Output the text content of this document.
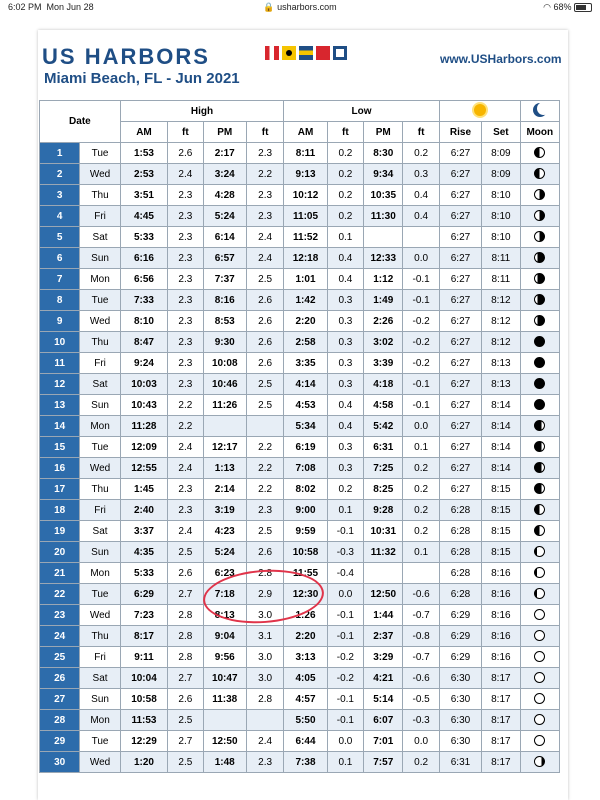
6:02 PM Mon Jun 28	🔒 usharbors.com	◠ 68%
US HARBORS	www.USHarbors.com
Miami Beach, FL - Jun 2021
Date		High				Low						
		AM	ft	PM	ft	AM	ft	PM	ft	Rise	Set	Moon
1	Tue	1:53	2.6	2:17	2.3	8:11	0.2	8:30	0.2	6:27	8:09	
2	Wed	2:53	2.4	3:24	2.2	9:13	0.2	9:34	0.3	6:27	8:09	
3	Thu	3:51	2.3	4:28	2.3	10:12	0.2	10:35	0.4	6:27	8:10	
4	Fri	4:45	2.3	5:24	2.3	11:05	0.2	11:30	0.4	6:27	8:10	
5	Sat	5:33	2.3	6:14	2.4	11:52	0.1			6:27	8:10	
6	Sun	6:16	2.3	6:57	2.4	12:18	0.4	12:33	0.0	6:27	8:11	
7	Mon	6:56	2.3	7:37	2.5	1:01	0.4	1:12	-0.1	6:27	8:11	
8	Tue	7:33	2.3	8:16	2.6	1:42	0.3	1:49	-0.1	6:27	8:12	
9	Wed	8:10	2.3	8:53	2.6	2:20	0.3	2:26	-0.2	6:27	8:12	
10	Thu	8:47	2.3	9:30	2.6	2:58	0.3	3:02	-0.2	6:27	8:12	
11	Fri	9:24	2.3	10:08	2.6	3:35	0.3	3:39	-0.2	6:27	8:13	
12	Sat	10:03	2.3	10:46	2.5	4:14	0.3	4:18	-0.1	6:27	8:13	
13	Sun	10:43	2.2	11:26	2.5	4:53	0.4	4:58	-0.1	6:27	8:14	
14	Mon	11:28	2.2			5:34	0.4	5:42	0.0	6:27	8:14	
15	Tue	12:09	2.4	12:17	2.2	6:19	0.3	6:31	0.1	6:27	8:14	
16	Wed	12:55	2.4	1:13	2.2	7:08	0.3	7:25	0.2	6:27	8:14	
17	Thu	1:45	2.3	2:14	2.2	8:02	0.2	8:25	0.2	6:27	8:15	
18	Fri	2:40	2.3	3:19	2.3	9:00	0.1	9:28	0.2	6:28	8:15	
19	Sat	3:37	2.4	4:23	2.5	9:59	-0.1	10:31	0.2	6:28	8:15	
20	Sun	4:35	2.5	5:24	2.6	10:58	-0.3	11:32	0.1	6:28	8:15	
21	Mon	5:33	2.6	6:23	2.8	11:55	-0.4			6:28	8:16	
22	Tue	6:29	2.7	7:18	2.9	12:30	0.0	12:50	-0.6	6:28	8:16	
23	Wed	7:23	2.8	8:13	3.0	1:26	-0.1	1:44	-0.7	6:29	8:16	
24	Thu	8:17	2.8	9:04	3.1	2:20	-0.1	2:37	-0.8	6:29	8:16	
25	Fri	9:11	2.8	9:56	3.0	3:13	-0.2	3:29	-0.7	6:29	8:16	
26	Sat	10:04	2.7	10:47	3.0	4:05	-0.2	4:21	-0.6	6:30	8:17	
27	Sun	10:58	2.6	11:38	2.8	4:57	-0.1	5:14	-0.5	6:30	8:17	
28	Mon	11:53	2.5			5:50	-0.1	6:07	-0.3	6:30	8:17	
29	Tue	12:29	2.7	12:50	2.4	6:44	0.0	7:01	0.0	6:30	8:17	
30	Wed	1:20	2.5	1:48	2.3	7:38	0.1	7:57	0.2	6:31	8:17	
